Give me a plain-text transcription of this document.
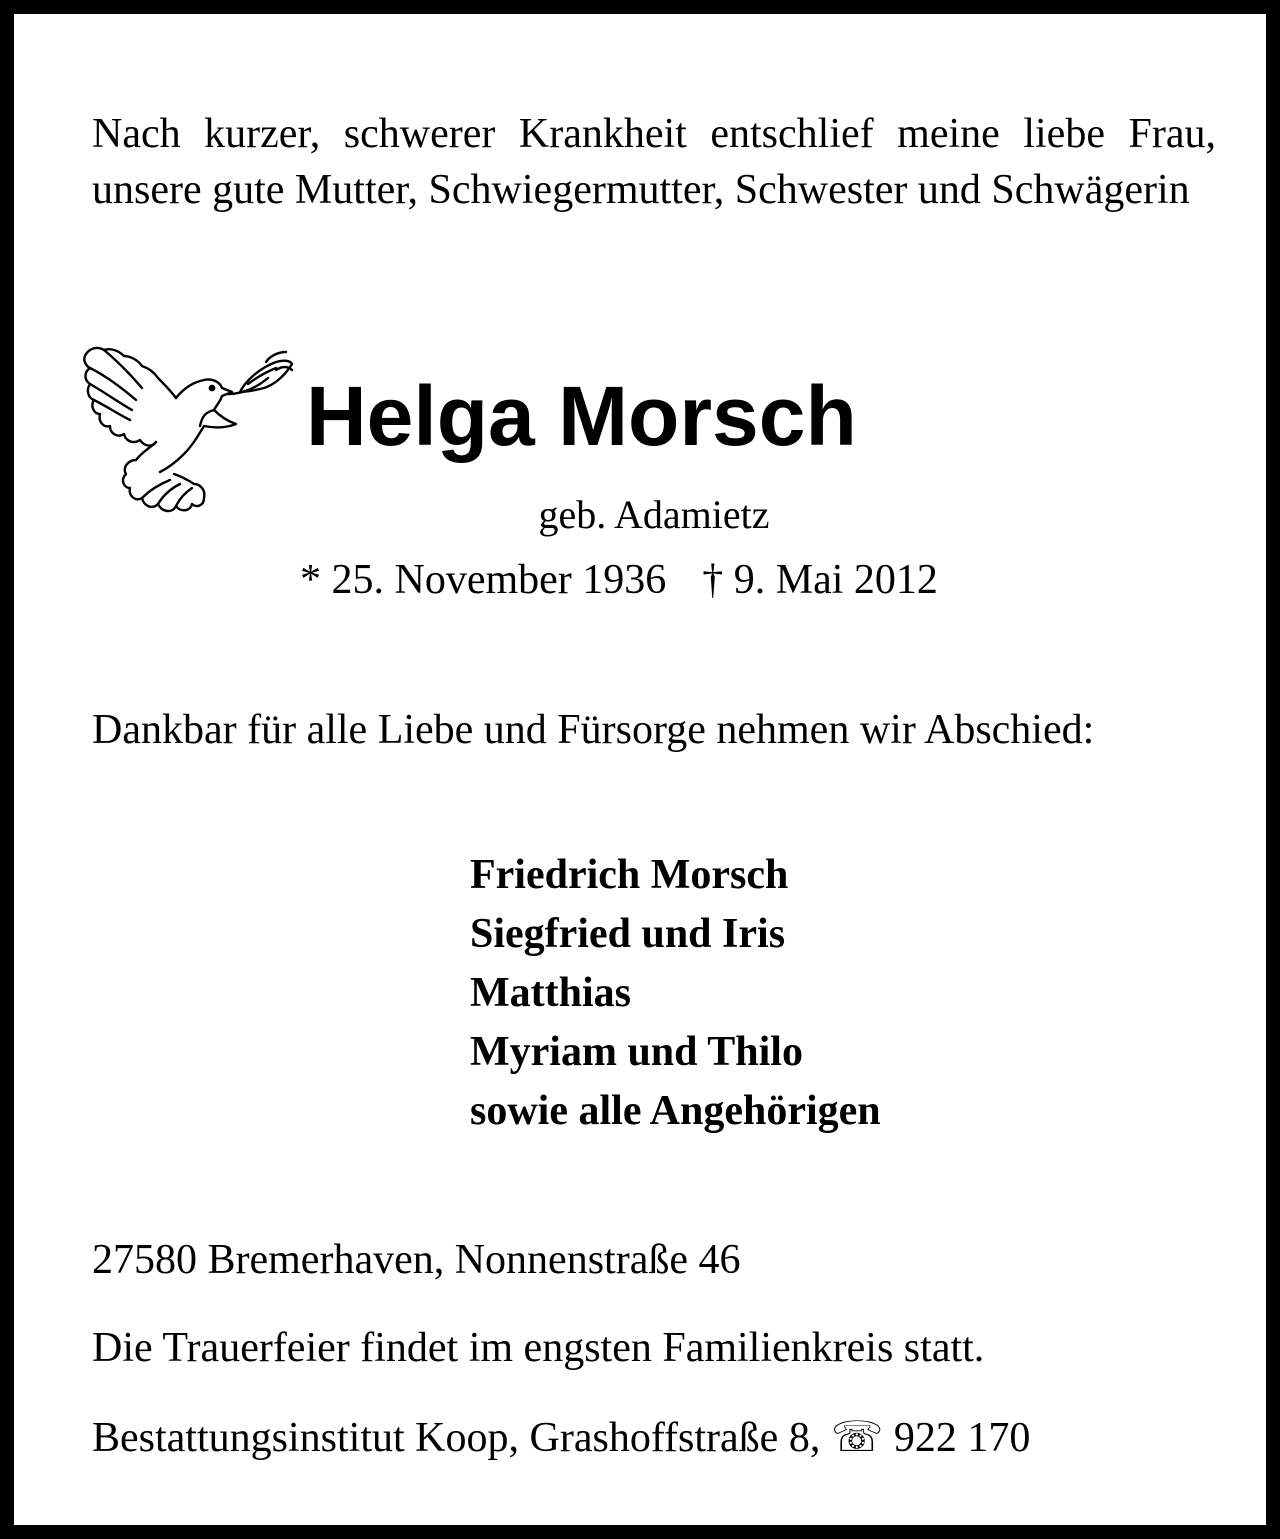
Nach kurzer, schwerer Krankheit entschlief meine liebe Frau, unsere gute Mutter, Schwiegermutter, Schwester und Schwägerin

Helga Morsch

geb. Adamietz

* 25. November 1936 † 9. Mai 2012

Dankbar für alle Liebe und Fürsorge nehmen wir Abschied:

Friedrich Morsch
Siegfried und Iris
Matthias
Myriam und Thilo
sowie alle Angehörigen

27580 Bremerhaven, Nonnenstraße 46

Die Trauerfeier findet im engsten Familienkreis statt.

Bestattungsinstitut Koop, Grashoffstraße 8, ☏ 922 170
